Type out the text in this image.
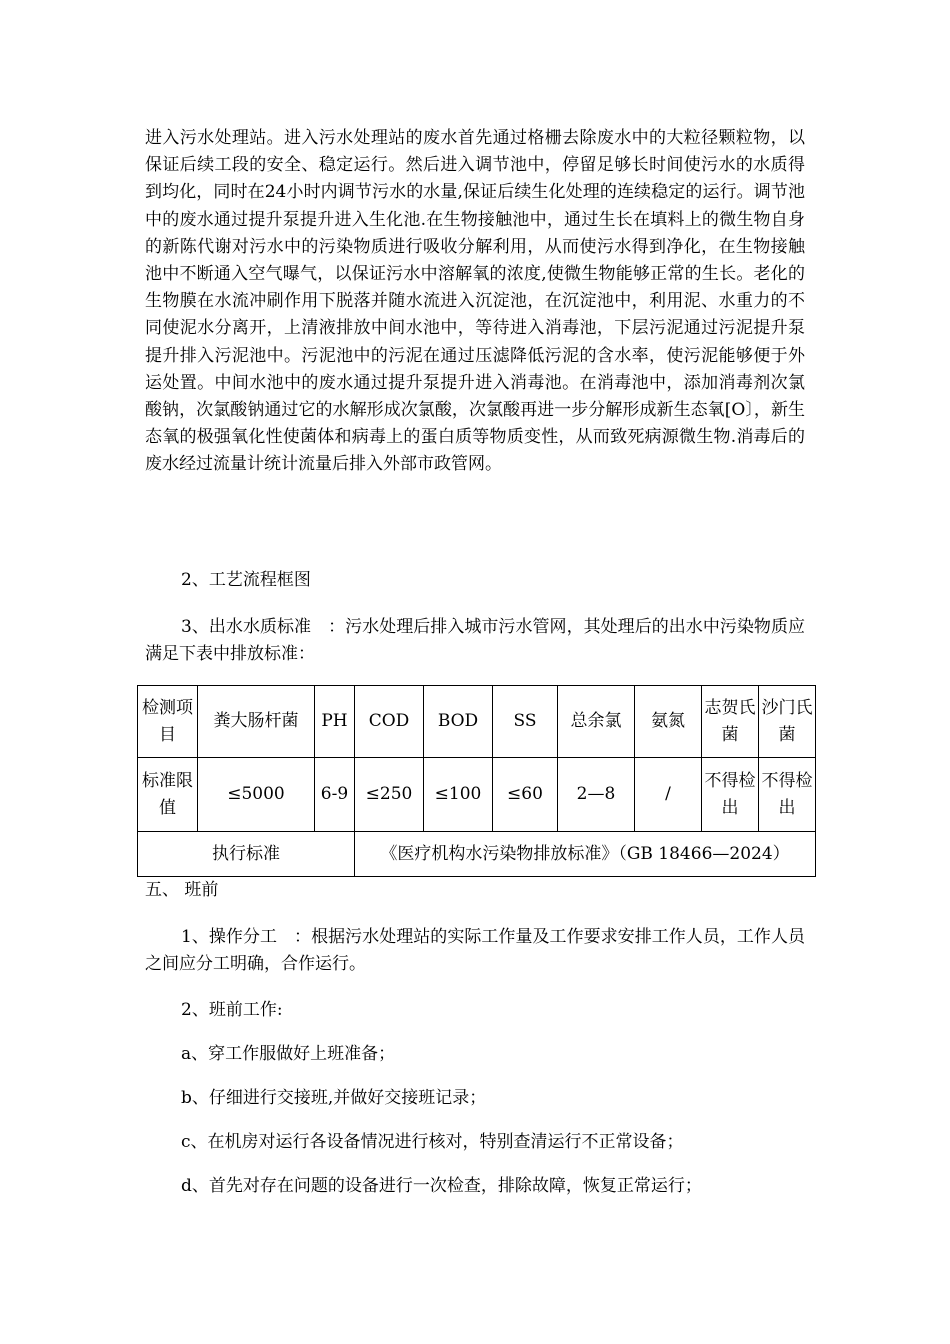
进入污水处理站。进入污水处理站的废水首先通过格栅去除废水中的大粒径颗粒物，以保证后续工段的安全、稳定运行。然后进入调节池中，停留足够长时间使污水的水质得到均化，同时在24小时内调节污水的水量,保证后续生化处理的连续稳定的运行。调节池中的废水通过提升泵提升进入生化池.在生物接触池中，通过生长在填料上的微生物自身的新陈代谢对污水中的污染物质进行吸收分解利用，从而使污水得到净化，在生物接触池中不断通入空气曝气，以保证污水中溶解氧的浓度,使微生物能够正常的生长。老化的生物膜在水流冲刷作用下脱落并随水流进入沉淀池，在沉淀池中，利用泥、水重力的不同使泥水分离开，上清液排放中间水池中，等待进入消毒池，下层污泥通过污泥提升泵提升排入污泥池中。污泥池中的污泥在通过压滤降低污泥的含水率，使污泥能够便于外运处置。中间水池中的废水通过提升泵提升进入消毒池。在消毒池中，添加消毒剂次氯酸钠，次氯酸钠通过它的水解形成次氯酸，次氯酸再进一步分解形成新生态氧[O〕，新生态氧的极强氧化性使菌体和病毒上的蛋白质等物质变性，从而致死病源微生物.消毒后的废水经过流量计统计流量后排入外部市政管网。

2、工艺流程框图

3、出水水质标准　：污水处理后排入城市污水管网，其处理后的出水中污染物质应满足下表中排放标准：

检测项目	粪大肠杆菌	PH	COD	BOD	SS	总余氯	氨氮	志贺氏菌	沙门氏菌

标准限值	≤5000	6-9	≤250	≤100	≤60	2—8	/	不得检出	不得检出

执行标准			《医疗机构水污染物排放标准》（GB 18466—2024）						

五、 班前

1、操作分工　：根据污水处理站的实际工作量及工作要求安排工作人员，工作人员之间应分工明确，合作运行。

2、班前工作:

a、穿工作服做好上班准备；

b、仔细进行交接班,并做好交接班记录；

c、在机房对运行各设备情况进行核对，特别查清运行不正常设备；

d、首先对存在问题的设备进行一次检查，排除故障，恢复正常运行；
